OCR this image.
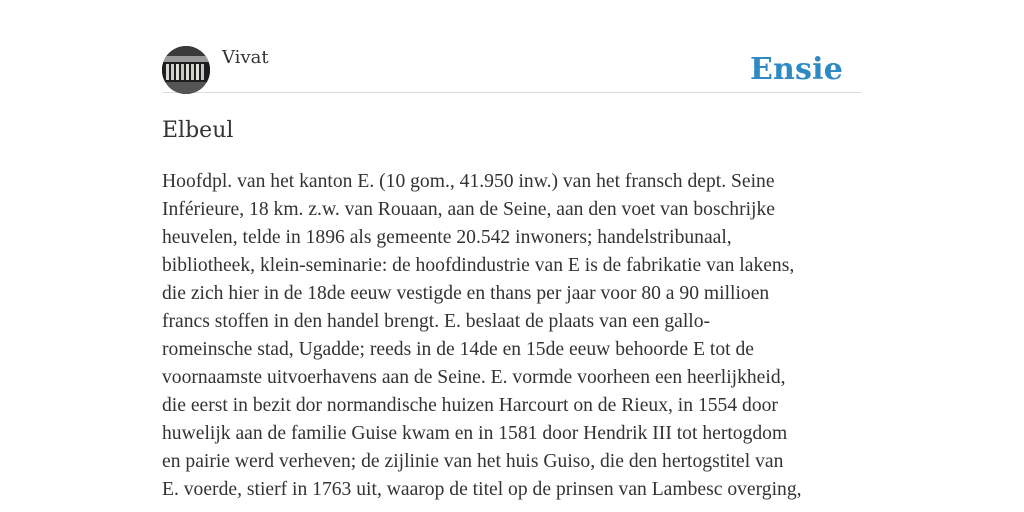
Vivat	Ensie
Elbeul
Hoofdpl. van het kanton E. (10 gom., 41.950 inw.) van het fransch dept. Seine
Inférieure, 18 km. z.w. van Rouaan, aan de Seine, aan den voet van boschrijke
heuvelen, telde in 1896 als gemeente 20.542 inwoners; handelstribunaal,
bibliotheek, klein-seminarie: de hoofdindustrie van E is de fabrikatie van lakens,
die zich hier in de 18de eeuw vestigde en thans per jaar voor 80 a 90 millioen
francs stoffen in den handel brengt. E. beslaat de plaats van een gallo-
romeinsche stad, Ugadde; reeds in de 14de en 15de eeuw behoorde E tot de
voornaamste uitvoerhavens aan de Seine. E. vormde voorheen een heerlijkheid,
die eerst in bezit dor normandische huizen Harcourt on de Rieux, in 1554 door
huwelijk aan de familie Guise kwam en in 1581 door Hendrik III tot hertogdom
en pairie werd verheven; de zijlinie van het huis Guiso, die den hertogstitel van
E. voerde, stierf in 1763 uit, waarop de titel op de prinsen van Lambesc overging,
